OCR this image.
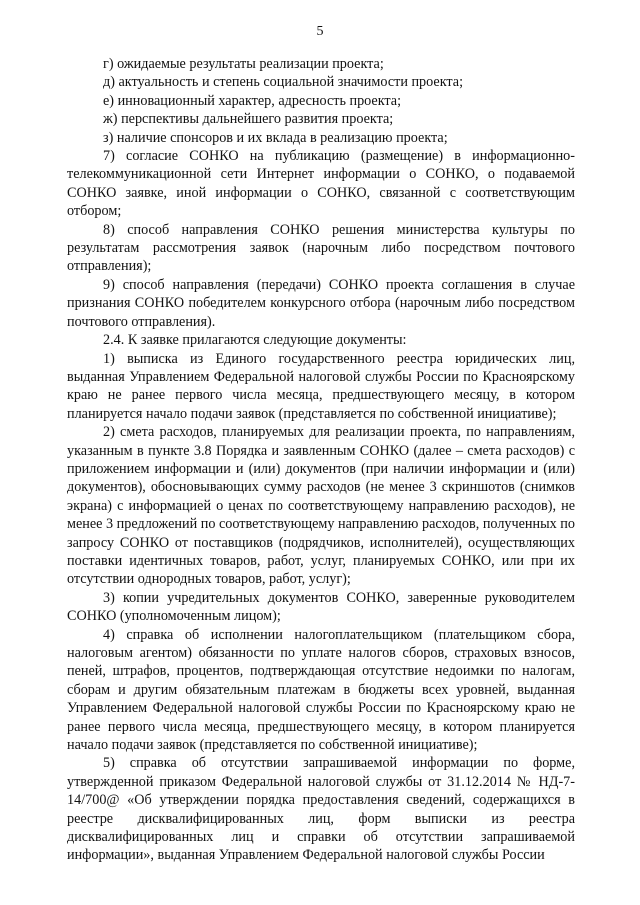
5

г) ожидаемые результаты реализации проекта;

д) актуальность и степень социальной значимости проекта;

е) инновационный характер, адресность проекта;

ж) перспективы дальнейшего развития проекта;

з) наличие спонсоров и их вклада в реализацию проекта;

7) согласие СОНКО на публикацию (размещение) в информационно-телекоммуникационной сети Интернет информации о СОНКО, о подаваемой СОНКО заявке, иной информации о СОНКО, связанной с соответствующим отбором;

8) способ направления СОНКО решения министерства культуры по результатам рассмотрения заявок (нарочным либо посредством почтового отправления);

9) способ направления (передачи) СОНКО проекта соглашения в случае признания СОНКО победителем конкурсного отбора (нарочным либо посредством почтового отправления).

2.4. К заявке прилагаются следующие документы:

1) выписка из Единого государственного реестра юридических лиц, выданная Управлением Федеральной налоговой службы России по Красноярскому краю не ранее первого числа месяца, предшествующего месяцу, в котором планируется начало подачи заявок (представляется по собственной инициативе);

2) смета расходов, планируемых для реализации проекта, по направлениям, указанным в пункте 3.8 Порядка и заявленным СОНКО (далее – смета расходов) с приложением информации и (или) документов (при наличии информации и (или) документов), обосновывающих сумму расходов (не менее 3 скриншотов (снимков экрана) с информацией о ценах по соответствующему направлению расходов), не менее 3 предложений по соответствующему направлению расходов, полученных по запросу СОНКО от поставщиков (подрядчиков, исполнителей), осуществляющих поставки идентичных товаров, работ, услуг, планируемых СОНКО, или при их отсутствии однородных товаров, работ, услуг);

3) копии учредительных документов СОНКО, заверенные руководителем СОНКО (уполномоченным лицом);

4) справка об исполнении налогоплательщиком (плательщиком сбора, налоговым агентом) обязанности по уплате налогов сборов, страховых взносов, пеней, штрафов, процентов, подтверждающая отсутствие недоимки по налогам, сборам и другим обязательным платежам в бюджеты всех уровней, выданная Управлением Федеральной налоговой службы России по Красноярскому краю не ранее первого числа месяца, предшествующего месяцу, в котором планируется начало подачи заявок (представляется по собственной инициативе);

5) справка об отсутствии запрашиваемой информации по форме, утвержденной приказом Федеральной налоговой службы от 31.12.2014 № НД-7-14/700@ «Об утверждении порядка предоставления сведений, содержащихся в реестре дисквалифицированных лиц, форм выписки из реестра дисквалифицированных лиц и справки об отсутствии запрашиваемой информации», выданная Управлением Федеральной налоговой службы России
